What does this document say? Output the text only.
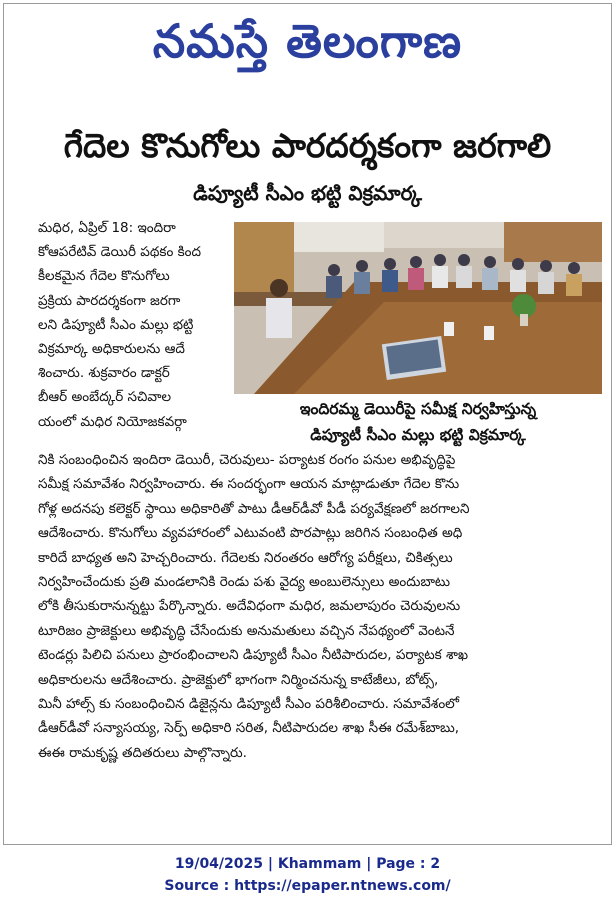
నమస్తే తెలంగాణ
గేదెల కొనుగోలు పారదర్శకంగా జరగాలి
డిప్యూటీ సీఎం భట్టి విక్రమార్క
మధిర, ఏప్రిల్ 18: ఇందిరా
కోఆపరేటివ్ డెయిరీ పథకం కింద
కీలకమైన గేదెల కొనుగోలు
ప్రక్రియ పారదర్శకంగా జరగా
లని డిప్యూటీ సీఎం మల్లు భట్టి
విక్రమార్క అధికారులను ఆదే
శించారు. శుక్రవారం డాక్టర్
బీఆర్ అంబేద్కర్ సచివాల
యంలో మధిర నియోజకవర్గా
ఇందిరమ్మ డెయిరీపై సమీక్ష నిర్వహిస్తున్న
డిప్యూటీ సీఎం మల్లు భట్టి విక్రమార్క
నికి సంబంధించిన ఇందిరా డెయిరీ, చెరువులు- పర్యాటక రంగం పనుల అభివృద్ధిపై
సమీక్ష సమావేశం నిర్వహించారు. ఈ సందర్భంగా ఆయన మాట్లాడుతూ గేదెల కొను
గోళ్ల అదనపు కలెక్టర్ స్థాయి అధికారితో పాటు డీఆర్‌డీవో పీడీ పర్యవేక్షణలో జరగాలని
ఆదేశించారు. కొనుగోలు వ్యవహారంలో ఎటువంటి పొరపాట్లు జరిగిన సంబంధిత అధి
కారిదే బాధ్యత అని హెచ్చరించారు. గేదెలకు నిరంతరం ఆరోగ్య పరీక్షలు, చికిత్సలు
నిర్వహించేందుకు ప్రతి మండలానికి రెండు పశు వైద్య అంబులెన్సులు అందుబాటు
లోకి తీసుకురానున్నట్టు పేర్కొన్నారు. అదేవిధంగా మధిర, జమలాపురం చెరువులను
టూరిజం ప్రాజెక్టులు అభివృద్ధి చేసేందుకు అనుమతులు వచ్చిన నేపథ్యంలో వెంటనే
టెండర్లు పిలిచి పనులు ప్రారంభించాలని డిప్యూటీ సీఎం నీటిపారుదల, పర్యాటక శాఖ
అధికారులను ఆదేశించారు. ప్రాజెక్టులో భాగంగా నిర్మించనున్న కాటేజీలు, బోట్స్,
మినీ హాల్స్ కు సంబంధించిన డిజైన్లను డిప్యూటీ సీఎం పరిశీలించారు. సమావేశంలో
డీఆర్‌డీవో సన్యాసయ్య, సెర్ప్ అధికారి సరిత, నీటిపారుదల శాఖ సీఈ రమేశ్‌బాబు,
ఈఈ రామకృష్ణ తదితరులు పాల్గొన్నారు.
19/04/2025 | Khammam | Page : 2
Source : https://epaper.ntnews.com/
